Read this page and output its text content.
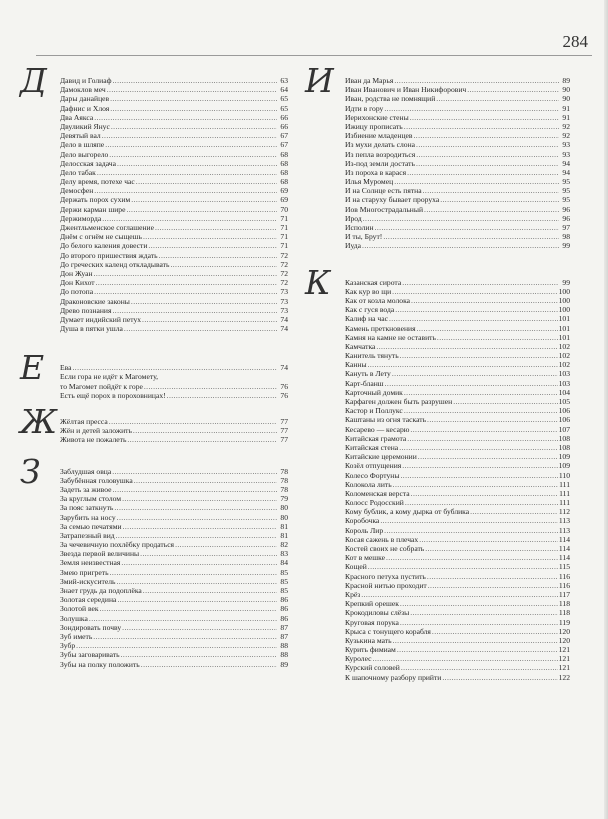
284
Д Давид и Голиаф .....	63
Дамоклов меч .....	64
Дары данайцев .....	65
Дафнис и Хлоя .....	65
Два Аякса .....	66
Двуликий Янус .....	66
Девятый вал .....	67
Дело в шляпе .....	67
Дело выгорело .....	68
Делосская задача .....	68
Дело табак .....	68
Делу время, потехе час .....	68
Демосфен .....	69
Держать порох сухим .....	69
Держи карман шире .....	70
Держиморда .....	71
Джентльменское соглашение .....	71
Днём с огнём не сыщешь .....	71
До белого каления довести .....	71
До второго пришествия ждать .....	72
До греческих календ откладывать .....	72
Дон Жуан .....	72
Дон Кихот .....	72
До потопа .....	73
Драконовские законы .....	73
Древо познания .....	73
Думает индийский петух .....	74
Душа в пятки ушла .....	74
Е Ева .....	74
Если гора не идёт к Магомету,
то Магомет пойдёт к горе .....	76
Есть ещё порох в пороховницах! .....	76
Ж Жёлтая пресса .....	77
Жён и детей заложить .....	77
Живота не пожалеть .....	77
З	Заблудшая овца .....	78
Забубённая головушка .....	78
Задеть за живое .....	78
За круглым столом .....	79
За пояс заткнуть .....	80
Зарубить на носу .....	80
За семью печатями .....	81
Затрапезный вид .....	81
За чечевичную похлёбку продаться .....	82
Звезда первой величины .....	83
Земля неизвестная .....	84
Змею пригреть .....	85
Змий-искуситель .....	85
Знает грудь да подоплёка .....	85
Золотая середина .....	86
Золотой век .....	86
Золушка .....	86
Зондировать почву .....	87
Зуб иметь .....	87
Зубр .....	88
Зубы заговаривать .....	88
Зубы на полку положить .....	89
И Иван да Марья .....	89
Иван Иванович и Иван Никифорович .....	90
Иван, родства не помнящий .....	90
Идти в гору .....	91
Иерихонские стены .....	91
Ижицу прописать .....	92
Избиение младенцев .....	92
Из мухи делать слона .....	93
Из пепла возродиться .....	93
Из-под земли достать .....	94
Из пороха в карася .....	94
Илья Муромец .....	95
И на Солнце есть пятна .....	95
И на старуху бывает проруха .....	95
Иов Многострадальный .....	96
Ирод .....	96
Исполин .....	97
И ты, Брут! .....	98
Иуда .....	99
К Казанская сирота .....	99
Как кур во щи .....	100
Как от козла молока .....	100
Как с гуся вода .....	100
Калиф на час .....	101
Камень преткновения .....	101
Камня на камне не оставить .....	101
Камчатка .....	102
Канитель тянуть .....	102
Канны .....	102
Кануть в Лету .....	103
Карт-бланш .....	103
Карточный домик .....	104
Карфаген должен быть разрушен .....	105
Кастор и Поллукс .....	106
Каштаны из огня таскать .....	106
Кесарево — кесарю .....	107
Китайская грамота .....	108
Китайская стена .....	108
Китайские церемонии .....	109
Козёл отпущения .....	109
Колесо Фортуны .....	110
Колокола лить .....	111
Коломенская верста .....	111
Колосс Родосский .....	111
Кому бублик, а кому дырка от бублика .....	112
Коробочка .....	113
Король Лир .....	113
Косая сажень в плечах .....	114
Костей своих не собрать .....	114
Кот в мешке .....	114
Кощей .....	115
Красного петуха пустить .....	116
Красной нитью проходит .....	116
Крёз .....	117
Крепкий орешек .....	118
Крокодиловы слёзы .....	118
Круговая порука .....	119
Крыса с тонущего корабля .....	120
Кузькина мать .....	120
Курить фимиам .....	121
Куролес .....	121
Курский соловей .....	121
К шапочному разбору прийти .....	122
